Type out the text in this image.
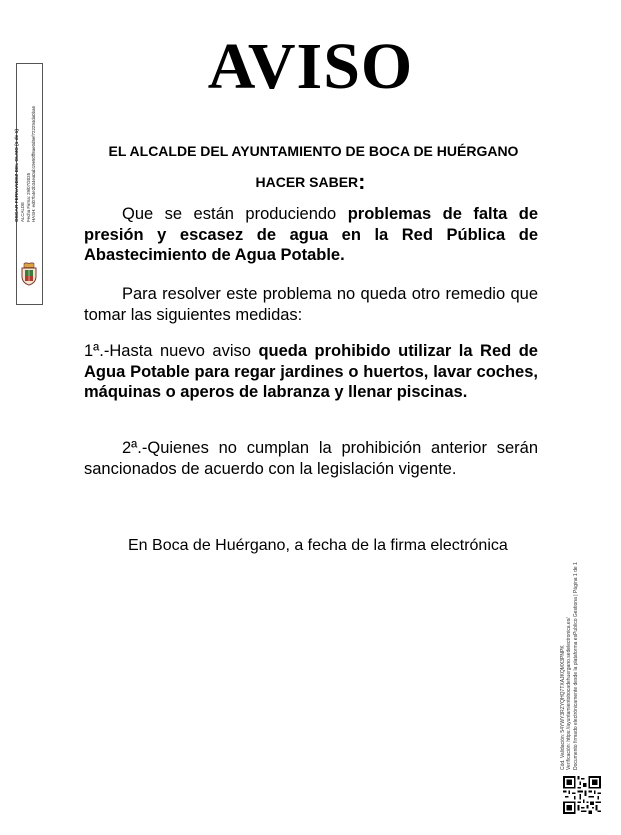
AVISO
EL ALCALDE DEL AYUNTAMIENTO DE BOCA DE HUÉRGANO
HACER SABER:
Que se están produciendo problemas de falta de presión y escasez de agua en la Red Pública de Abastecimiento de Agua Potable.
Para resolver este problema no queda otro remedio que tomar las siguientes medidas:
1ª.-Hasta nuevo aviso queda prohibido utilizar la Red de Agua Potable para regar jardines o huertos, lavar coches, máquinas o aperos de labranza y llenar piscinas.
2ª.-Quienes no cumplan la prohibición anterior serán sancionados de acuerdo con la legislación vigente.
En Boca de Huérgano, a fecha de la firma electrónica
OSCAR FERNANDEZ DEL OLMO (1 de 1) ALCALDE Fecha Firma: 29/07/2025 HASH: ed07b4e2b34ea0ab19e50ff8ae0d5ef722294da0ba6
Cód. Validación: 54YWY3RZYQHQ7TXAJKQMX3PNPK Verificación: https://ayuntamientobocadehuergano.sedelectronica.es/ Documento firmado electrónicamente desde la plataforma esPublico Gestiona | Página 1 de 1
